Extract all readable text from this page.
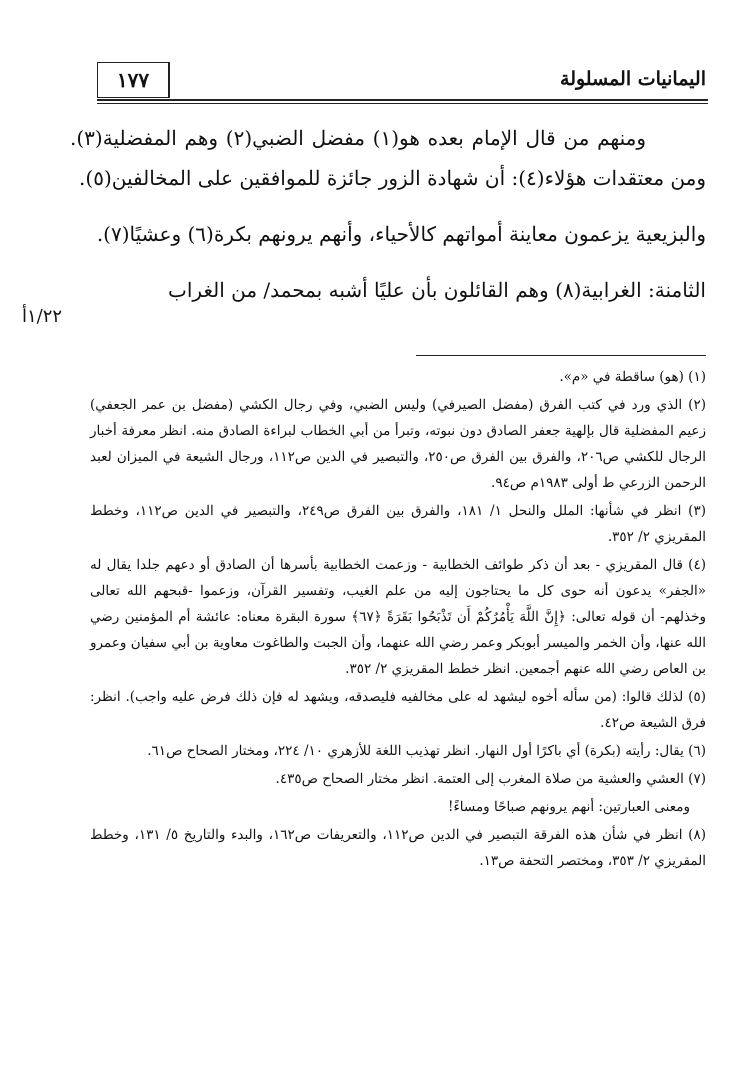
١٧٧	اليمانيات المسلولة

ومنهم من قال الإمام بعده هو(١) مفضل الضبي(٢) وهم المفضلية(٣). ومن معتقدات هؤلاء(٤): أن شهادة الزور جائزة للموافقين على المخالفين(٥).

والبزيعية يزعمون معاينة أمواتهم كالأحياء، وأنهم يرونهم بكرة(٦) وعشيًا(٧).

الثامنة: الغرابية(٨) وهم القائلون بأن عليًا أشبه بمحمد/ من الغراب

١/٢٢أ

(١) (هو) ساقطة في «م».

(٢) الذي ورد في كتب الفرق (مفضل الصيرفي) وليس الضبي، وفي رجال الكشي (مفضل بن عمر الجعفي) زعيم المفضلية قال بإلهية جعفر الصادق دون نبوته، وتبرأ من أبي الخطاب لبراءة الصادق منه. انظر معرفة أخبار الرجال للكشي ص٢٠٦، والفرق بين الفرق ص٢٥٠، والتبصير في الدين ص١١٢، ورجال الشيعة في الميزان لعبد الرحمن الزرعي ط أولى ١٩٨٣م ص٩٤.

(٣) انظر في شأنها: الملل والنحل ١/ ١٨١، والفرق بين الفرق ص٢٤٩، والتبصير في الدين ص١١٢، وخطط المقريزي ٢/ ٣٥٢.

(٤) قال المقريزي - بعد أن ذكر طوائف الخطابية - وزعمت الخطابية بأسرها أن الصادق أو دعهم جلدا يقال له «الجفر» يدعون أنه حوى كل ما يحتاجون إليه من علم الغيب، وتفسير القرآن، وزعموا -قبحهم الله تعالى وخذلهم- أن قوله تعالى: ﴿إِنَّ اللَّهَ يَأْمُرُكُمْ أَن تَذْبَحُوا بَقَرَةً ﴿٦٧﴾ سورة البقرة معناه: عائشة أم المؤمنين رضي الله عنها، وأن الخمر والميسر أبوبكر وعمر رضي الله عنهما، وأن الجبت والطاغوت معاوية بن أبي سفيان وعمرو بن العاص رضي الله عنهم أجمعين. انظر خطط المقريزي ٢/ ٣٥٢.

(٥) لذلك قالوا: (من سأله أخوه ليشهد له على مخالفيه فليصدقه، ويشهد له فإن ذلك فرض عليه واجب). انظر: فرق الشيعة ص٤٢.

(٦) يقال: رأيته (بكرة) أي باكرًا أول النهار. انظر تهذيب اللغة للأزهري ١٠/ ٢٢٤، ومختار الصحاح ص٦١.

(٧) العشي والعشية من صلاة المغرب إلى العتمة. انظر مختار الصحاح ص٤٣٥.

ومعنى العبارتين: أنهم يرونهم صباحًا ومساءً!

(٨) انظر في شأن هذه الفرقة التبصير في الدين ص١١٢، والتعريفات ص١٦٢، والبدء والتاريخ ٥/ ١٣١، وخطط المقريزي ٢/ ٣٥٣، ومختصر التحفة ص١٣.
